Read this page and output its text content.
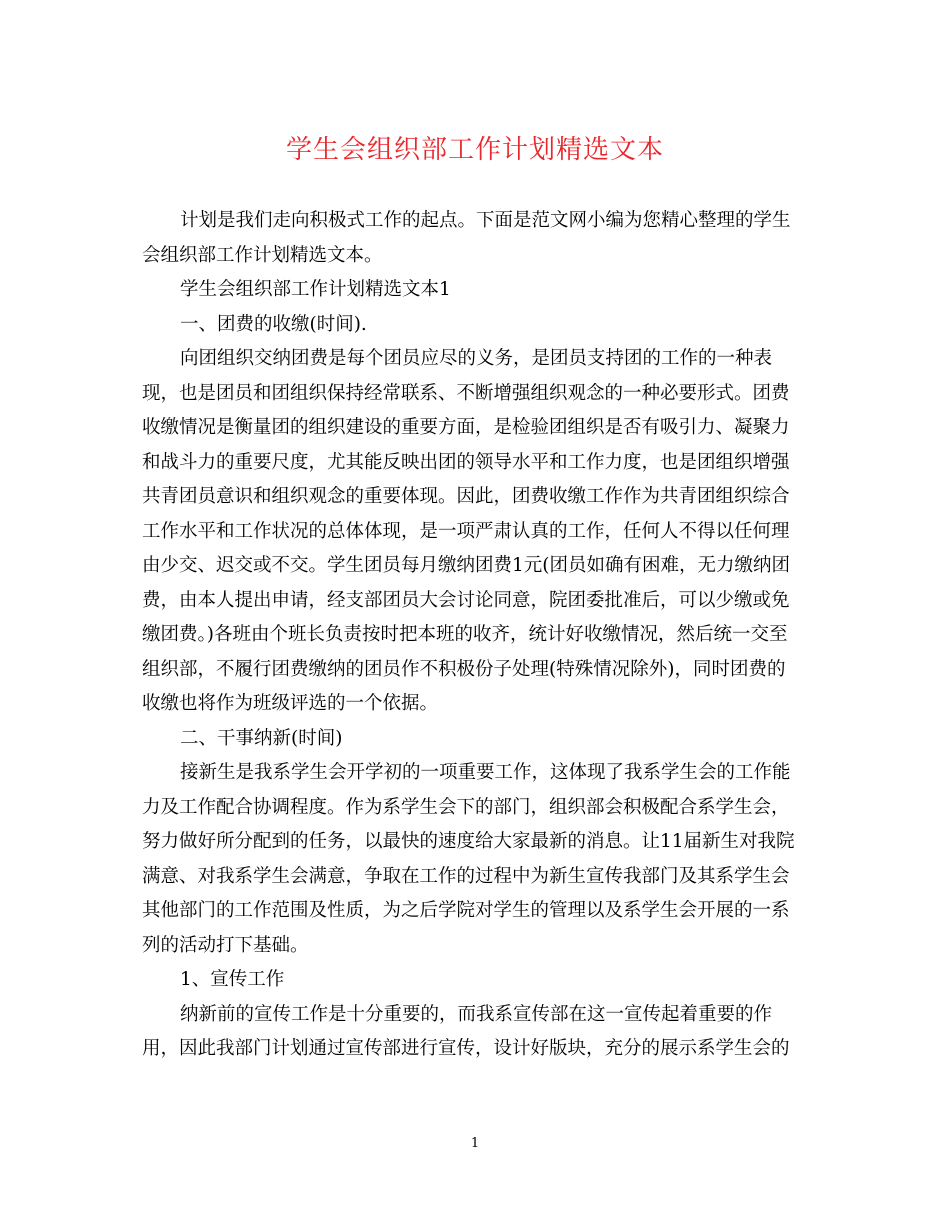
学生会组织部工作计划精选文本
计划是我们走向积极式工作的起点。下面是范文网小编为您精心整理的学生
会组织部工作计划精选文本。
学生会组织部工作计划精选文本1
一、团费的收缴(时间).
向团组织交纳团费是每个团员应尽的义务，是团员支持团的工作的一种表
现，也是团员和团组织保持经常联系、不断增强组织观念的一种必要形式。团费
收缴情况是衡量团的组织建设的重要方面，是检验团组织是否有吸引力、凝聚力
和战斗力的重要尺度，尤其能反映出团的领导水平和工作力度，也是团组织增强
共青团员意识和组织观念的重要体现。因此，团费收缴工作作为共青团组织综合
工作水平和工作状况的总体体现，是一项严肃认真的工作，任何人不得以任何理
由少交、迟交或不交。学生团员每月缴纳团费1元(团员如确有困难，无力缴纳团
费，由本人提出申请，经支部团员大会讨论同意，院团委批准后，可以少缴或免
缴团费。)各班由个班长负责按时把本班的收齐，统计好收缴情况，然后统一交至
组织部，不履行团费缴纳的团员作不积极份子处理(特殊情况除外)，同时团费的
收缴也将作为班级评选的一个依据。
二、干事纳新(时间)
接新生是我系学生会开学初的一项重要工作，这体现了我系学生会的工作能
力及工作配合协调程度。作为系学生会下的部门，组织部会积极配合系学生会，
努力做好所分配到的任务，以最快的速度给大家最新的消息。让11届新生对我院
满意、对我系学生会满意，争取在工作的过程中为新生宣传我部门及其系学生会
其他部门的工作范围及性质，为之后学院对学生的管理以及系学生会开展的一系
列的活动打下基础。
1、宣传工作
纳新前的宣传工作是十分重要的，而我系宣传部在这一宣传起着重要的作
用，因此我部门计划通过宣传部进行宣传，设计好版块，充分的展示系学生会的
1
